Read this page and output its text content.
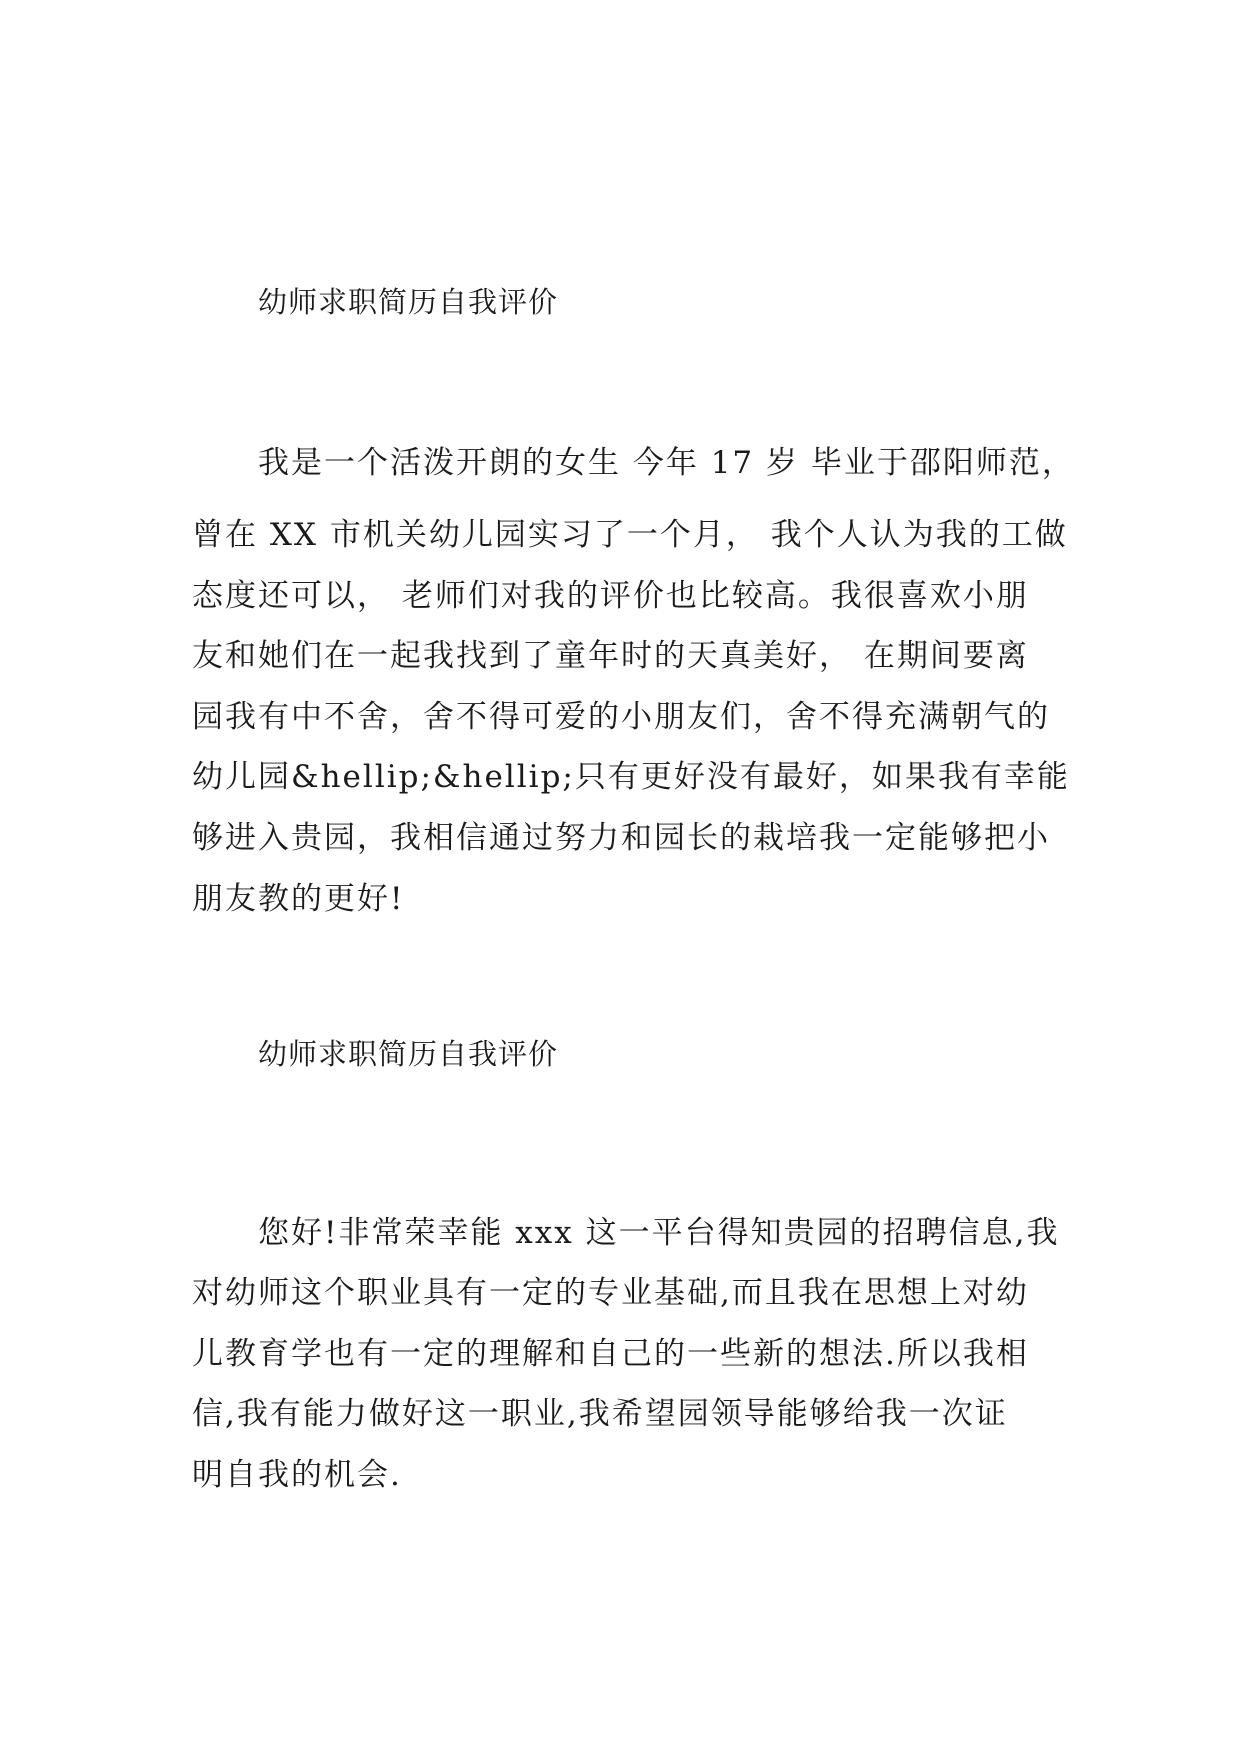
幼师求职简历自我评价
我是一个活泼开朗的女生 今年 17 岁 毕业于邵阳师范，
曾在 XX 市机关幼儿园实习了一个月， 我个人认为我的工做
态度还可以， 老师们对我的评价也比较高。我很喜欢小朋
友和她们在一起我找到了童年时的天真美好， 在期间要离
园我有中不舍，舍不得可爱的小朋友们，舍不得充满朝气的
幼儿园&hellip;&hellip;只有更好没有最好，如果我有幸能
够进入贵园，我相信通过努力和园长的栽培我一定能够把小
朋友教的更好!
幼师求职简历自我评价
您好!非常荣幸能 xxx 这一平台得知贵园的招聘信息,我
对幼师这个职业具有一定的专业基础,而且我在思想上对幼
儿教育学也有一定的理解和自己的一些新的想法.所以我相
信,我有能力做好这一职业,我希望园领导能够给我一次证
明自我的机会.
